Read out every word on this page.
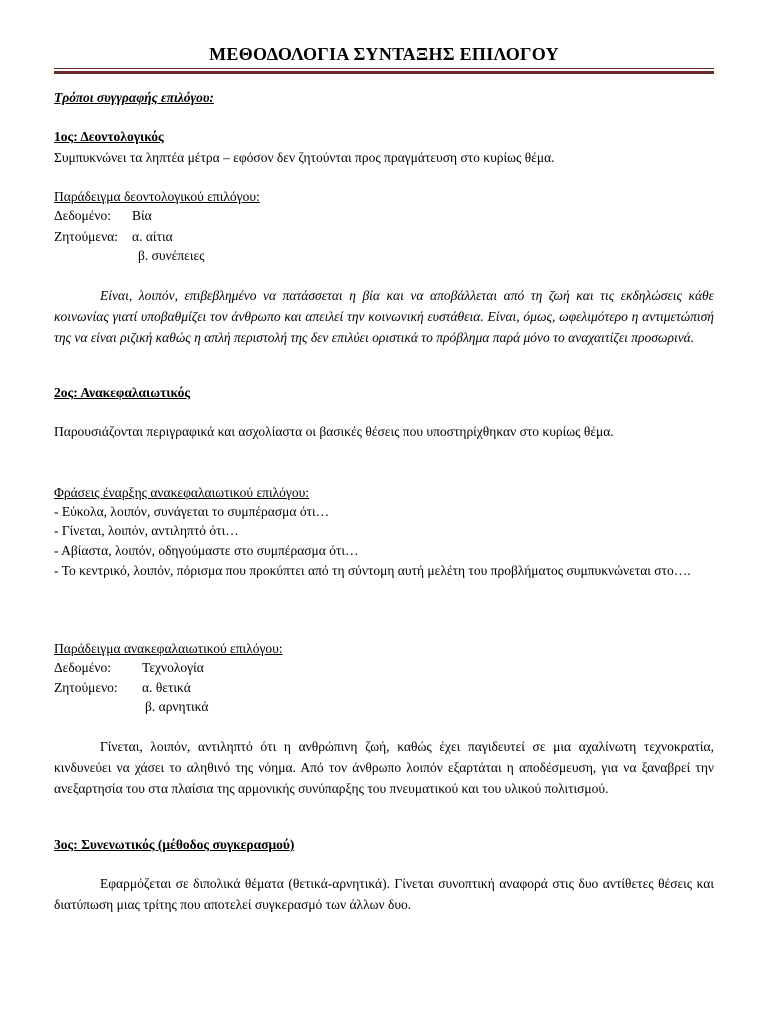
ΜΕΘΟΔΟΛΟΓΙΑ ΣΥΝΤΑΞΗΣ ΕΠΙΛΟΓΟΥ
Τρόποι συγγραφής επιλόγου:
1ος: Δεοντολογικός
Συμπυκνώνει τα ληπτέα μέτρα – εφόσον δεν ζητούνται προς πραγμάτευση στο κυρίως θέμα.
Παράδειγμα δεοντολογικού επιλόγου:
Δεδομένο: Βία
Ζητούμενα: α. αίτια
β. συνέπειες
Είναι, λοιπόν, επιβεβλημένο να πατάσσεται η βία και να αποβάλλεται από τη ζωή και τις εκδηλώσεις κάθε κοινωνίας γιατί υποβαθμίζει τον άνθρωπο και απειλεί την κοινωνική ευστάθεια. Είναι, όμως, ωφελιμότερο η αντιμετώπισή της να είναι ριζική καθώς η απλή περιστολή της δεν επιλύει οριστικά το πρόβλημα παρά μόνο το αναχαιτίζει προσωρινά.
2ος: Ανακεφαλαιωτικός
Παρουσιάζονται περιγραφικά και ασχολίαστα οι βασικές θέσεις που υποστηρίχθηκαν στο κυρίως θέμα.
Φράσεις έναρξης ανακεφαλαιωτικού επιλόγου:
- Εύκολα, λοιπόν, συνάγεται το συμπέρασμα ότι…
- Γίνεται, λοιπόν, αντιληπτό ότι…
- Αβίαστα, λοιπόν, οδηγούμαστε στο συμπέρασμα ότι…
- Το κεντρικό, λοιπόν, πόρισμα που προκύπτει από τη σύντομη αυτή μελέτη του προβλήματος συμπυκνώνεται στο….
Παράδειγμα ανακεφαλαιωτικού επιλόγου:
Δεδομένο: Τεχνολογία
Ζητούμενο: α. θετικά
β. αρνητικά
Γίνεται, λοιπόν, αντιληπτό ότι η ανθρώπινη ζωή, καθώς έχει παγιδευτεί σε μια αχαλίνωτη τεχνοκρατία, κινδυνεύει να χάσει το αληθινό της νόημα. Από τον άνθρωπο λοιπόν εξαρτάται η αποδέσμευση, για να ξαναβρεί την ανεξαρτησία του στα πλαίσια της αρμονικής συνύπαρξης του πνευματικού και του υλικού πολιτισμού.
3ος: Συνενωτικός (μέθοδος συγκερασμού)
Εφαρμόζεται σε διπολικά θέματα (θετικά-αρνητικά). Γίνεται συνοπτική αναφορά στις δυο αντίθετες θέσεις και διατύπωση μιας τρίτης που αποτελεί συγκερασμό των άλλων δυο.
